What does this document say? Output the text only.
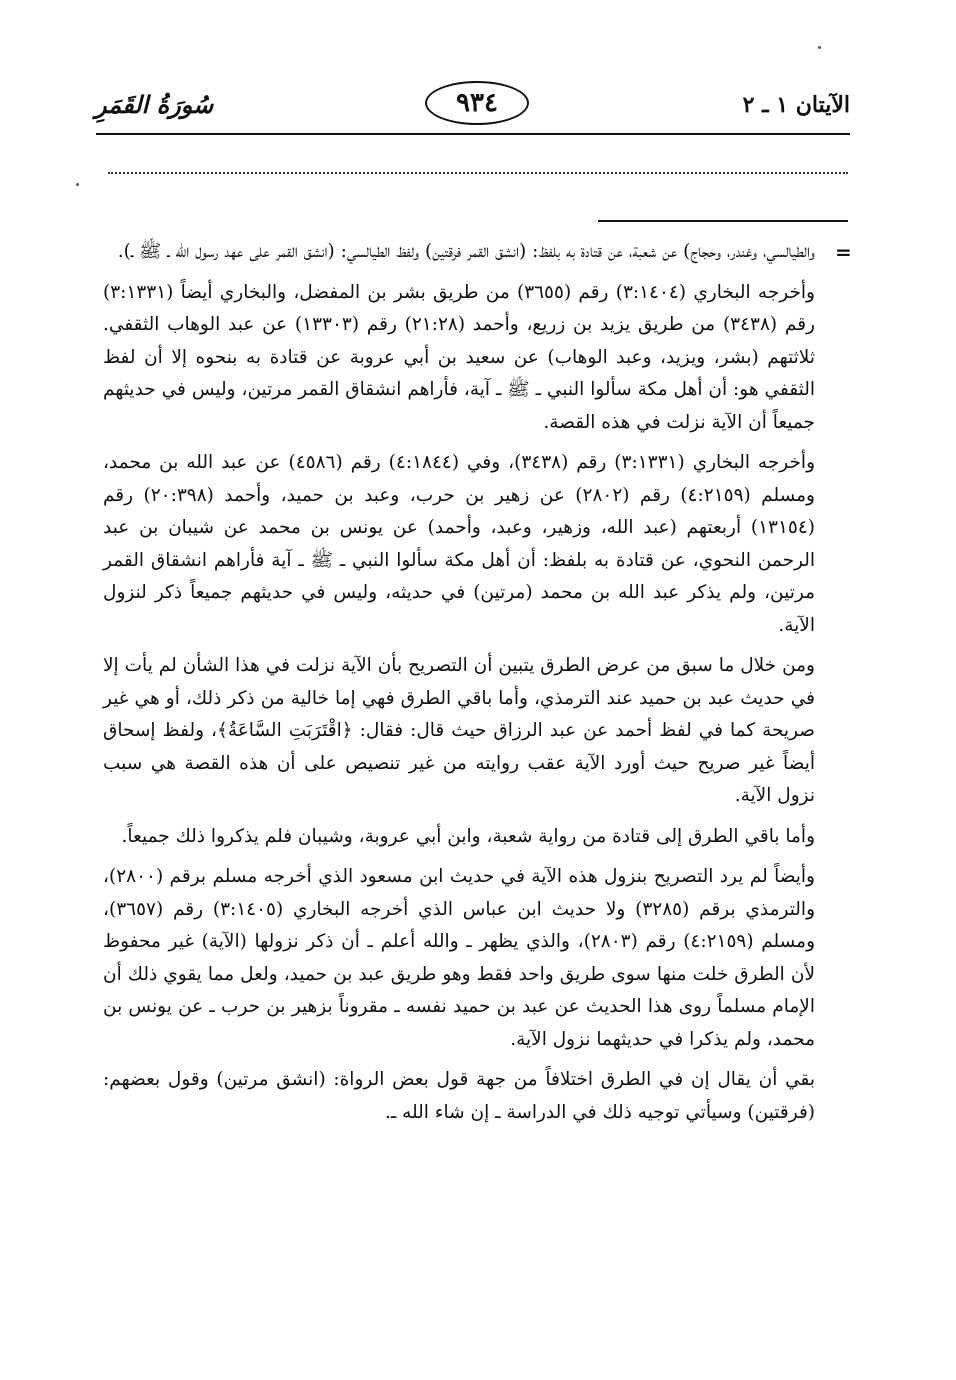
الآيتان ١ ـ ٢
٩٣٤
سُورَةُ القَمَرِ
=

والطيالسي، وغندر، وحجاج) عن شعبة، عن قتادة به بلفظ: (انشق القمر فرقتين) ولفظ الطيالسي: (انشق القمر على عهد رسول الله ـ ﷺ ـ).

وأخرجه البخاري (٣:١٤٠٤) رقم (٣٦٥٥) من طريق بشر بن المفضل، والبخاري أيضاً (٣:١٣٣١) رقم (٣٤٣٨) من طريق يزيد بن زريع، وأحمد (٢١:٢٨) رقم (١٣٣٠٣) عن عبد الوهاب الثقفي. ثلاثتهم (بشر، ويزيد، وعبد الوهاب) عن سعيد بن أبي عروبة عن قتادة به بنحوه إلا أن لفظ الثقفي هو: أن أهل مكة سألوا النبي ـ ﷺ ـ آية، فأراهم انشقاق القمر مرتين، وليس في حديثهم جميعاً أن الآية نزلت في هذه القصة.

وأخرجه البخاري (٣:١٣٣١) رقم (٣٤٣٨)، وفي (٤:١٨٤٤) رقم (٤٥٨٦) عن عبد الله بن محمد، ومسلم (٤:٢١٥٩) رقم (٢٨٠٢) عن زهير بن حرب، وعبد بن حميد، وأحمد (٢٠:٣٩٨) رقم (١٣١٥٤) أربعتهم (عبد الله، وزهير، وعبد، وأحمد) عن يونس بن محمد عن شيبان بن عبد الرحمن النحوي، عن قتادة به بلفظ: أن أهل مكة سألوا النبي ـ ﷺ ـ آية فأراهم انشقاق القمر مرتين، ولم يذكر عبد الله بن محمد (مرتين) في حديثه، وليس في حديثهم جميعاً ذكر لنزول الآية.

ومن خلال ما سبق من عرض الطرق يتبين أن التصريح بأن الآية نزلت في هذا الشأن لم يأت إلا في حديث عبد بن حميد عند الترمذي، وأما باقي الطرق فهي إما خالية من ذكر ذلك، أو هي غير صريحة كما في لفظ أحمد عن عبد الرزاق حيث قال: فقال: ﴿اقْتَرَبَتِ السَّاعَةُ﴾، ولفظ إسحاق أيضاً غير صريح حيث أورد الآية عقب روايته من غير تنصيص على أن هذه القصة هي سبب نزول الآية.

وأما باقي الطرق إلى قتادة من رواية شعبة، وابن أبي عروبة، وشيبان فلم يذكروا ذلك جميعاً.

وأيضاً لم يرد التصريح بنزول هذه الآية في حديث ابن مسعود الذي أخرجه مسلم برقم (٢٨٠٠)، والترمذي برقم (٣٢٨٥) ولا حديث ابن عباس الذي أخرجه البخاري (٣:١٤٠٥) رقم (٣٦٥٧)، ومسلم (٤:٢١٥٩) رقم (٢٨٠٣)، والذي يظهر ـ والله أعلم ـ أن ذكر نزولها (الآية) غير محفوظ لأن الطرق خلت منها سوى طريق واحد فقط وهو طريق عبد بن حميد، ولعل مما يقوي ذلك أن الإمام مسلماً روى هذا الحديث عن عبد بن حميد نفسه ـ مقروناً بزهير بن حرب ـ عن يونس بن محمد، ولم يذكرا في حديثهما نزول الآية.

بقي أن يقال إن في الطرق اختلافاً من جهة قول بعض الرواة: (انشق مرتين) وقول بعضهم: (فرقتين) وسيأتي توجيه ذلك في الدراسة ـ إن شاء الله ـ.
